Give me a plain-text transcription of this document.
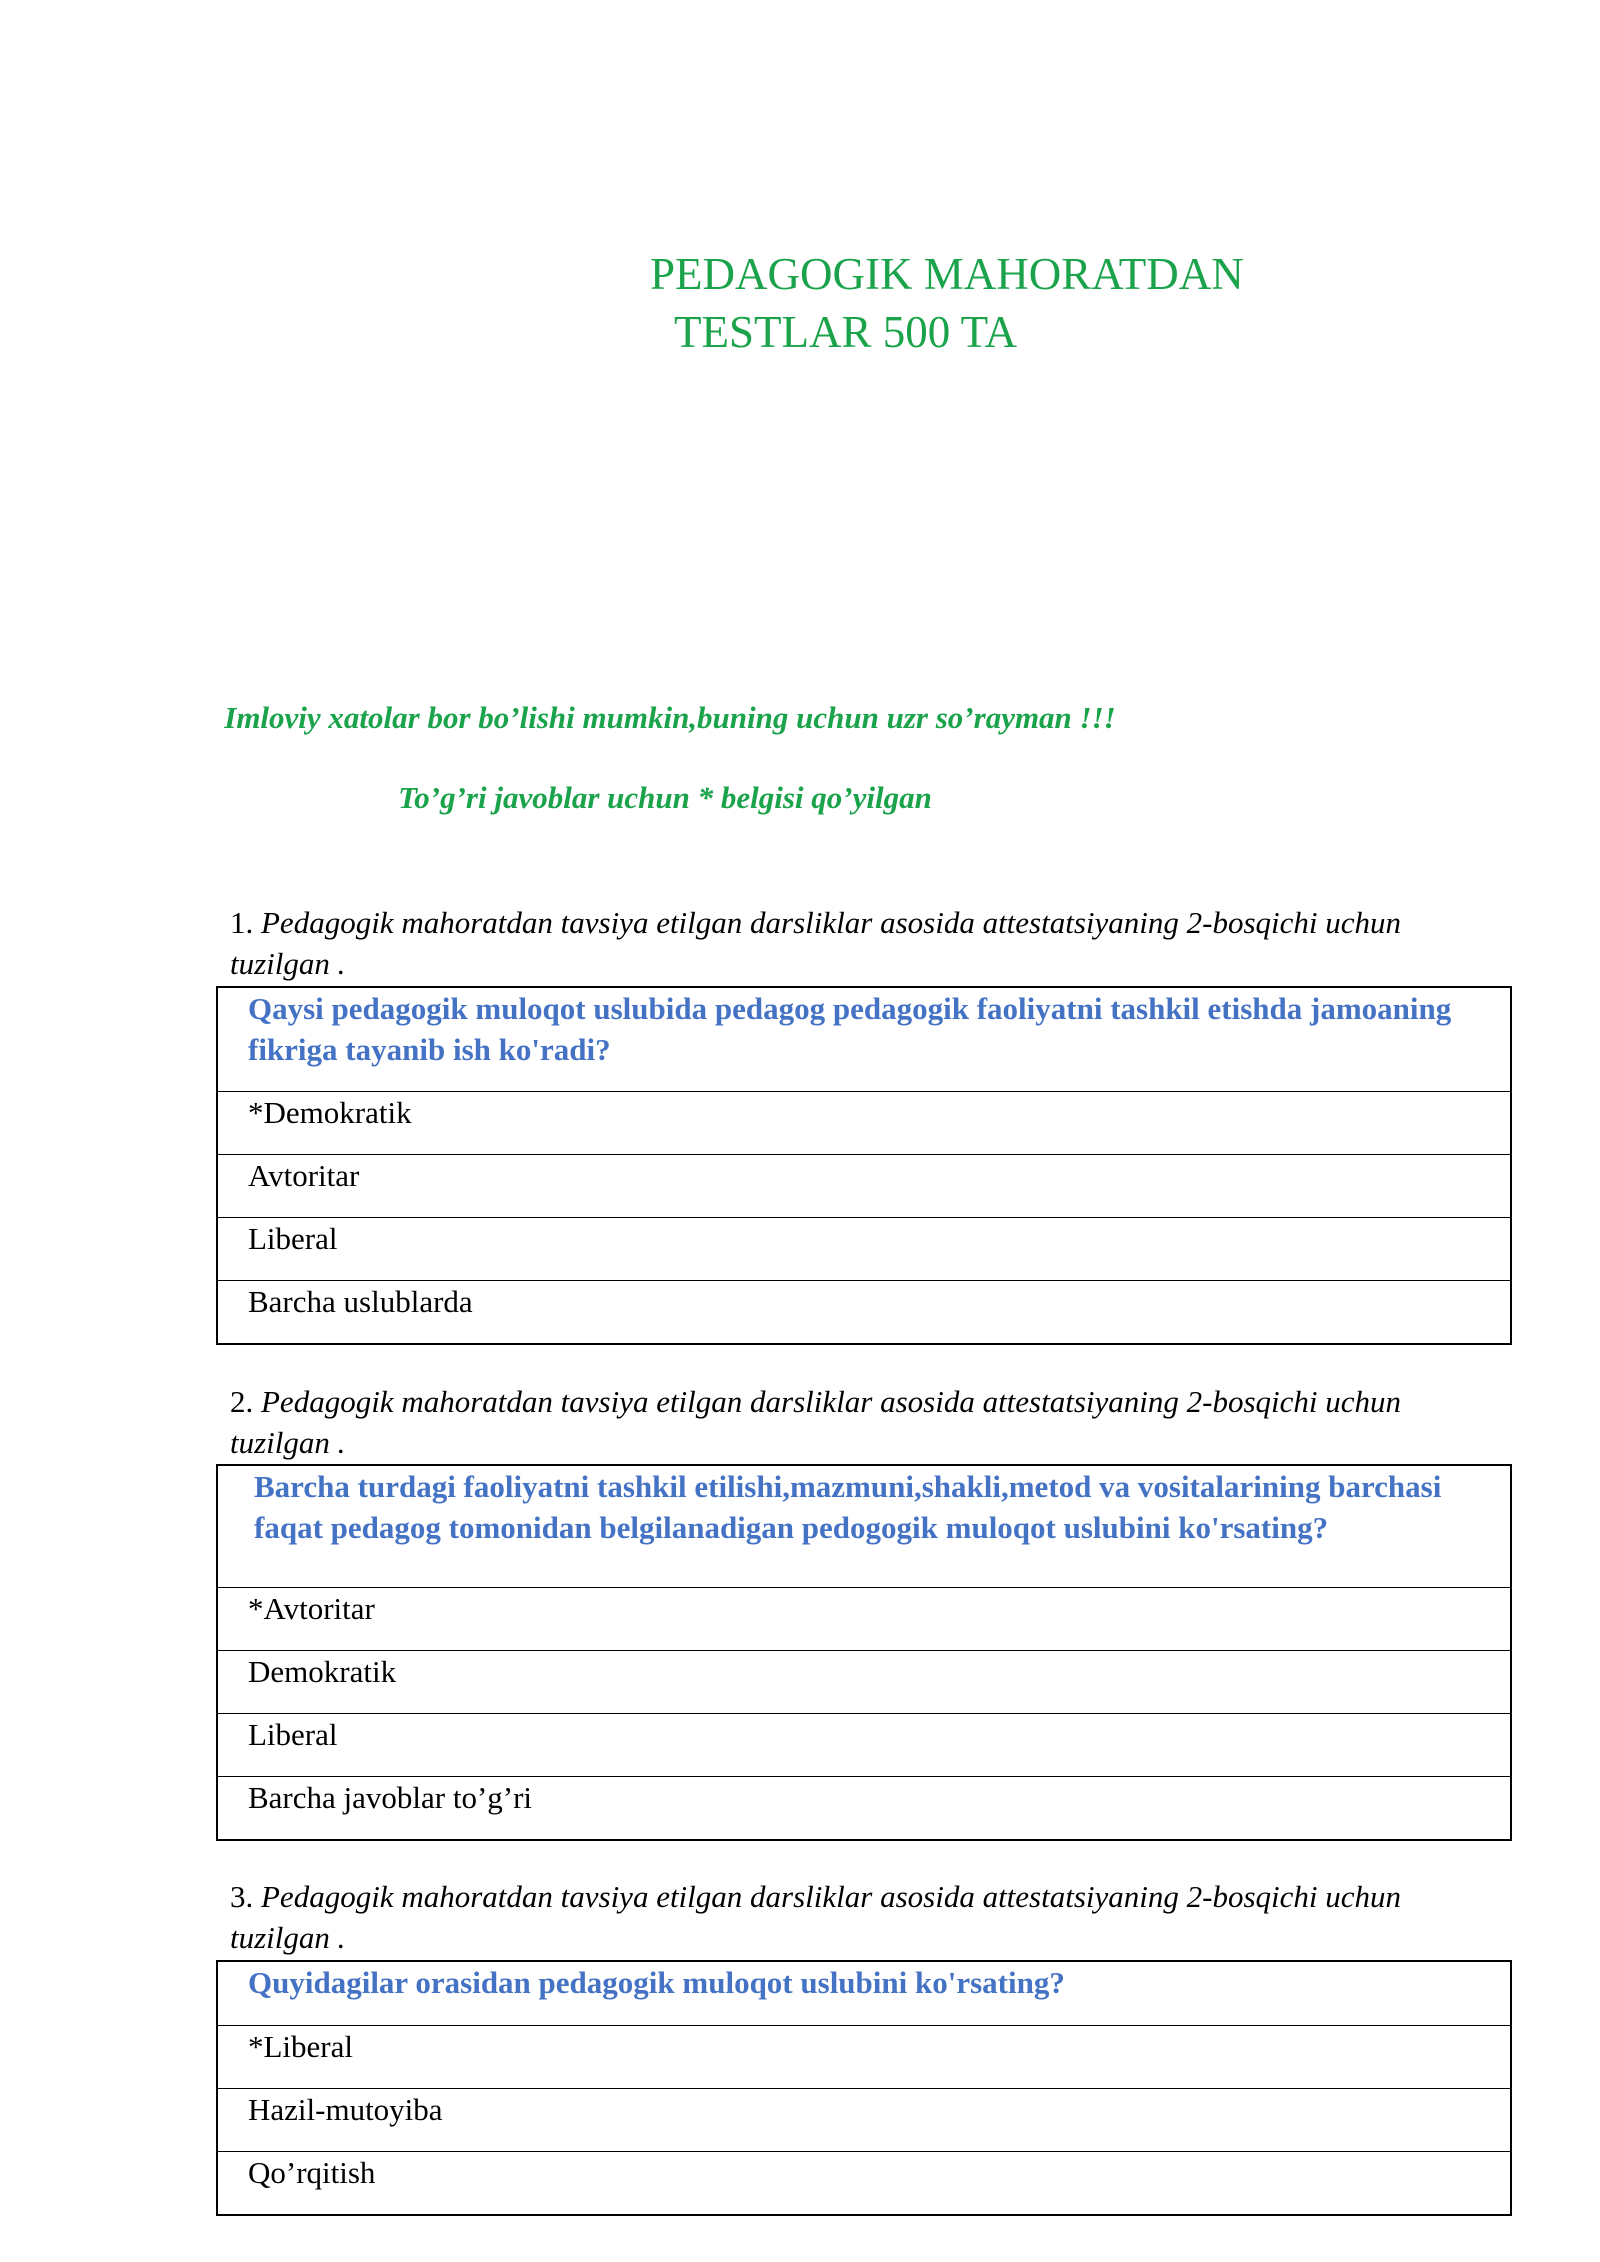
PEDAGOGIK MAHORATDAN
TESTLAR 500 TA
Imloviy xatolar bor bo’lishi mumkin,buning uchun uzr so’rayman !!!
To’g’ri javoblar uchun * belgisi qo’yilgan
1. Pedagogik mahoratdan tavsiya etilgan darsliklar asosida attestatsiyaning 2-bosqichi uchun tuzilgan .
Qaysi pedagogik muloqot uslubida pedagog pedagogik faoliyatni tashkil etishda jamoaning fikriga tayanib ish ko'radi?
*Demokratik
Avtoritar
Liberal
Barcha uslublarda
2. Pedagogik mahoratdan tavsiya etilgan darsliklar asosida attestatsiyaning 2-bosqichi uchun tuzilgan .
Barcha turdagi faoliyatni tashkil etilishi,mazmuni,shakli,metod va vositalarining barchasi faqat pedagog tomonidan belgilanadigan pedogogik muloqot uslubini ko'rsating?
*Avtoritar
Demokratik
Liberal
Barcha javoblar to’g’ri
3. Pedagogik mahoratdan tavsiya etilgan darsliklar asosida attestatsiyaning 2-bosqichi uchun tuzilgan .
Quyidagilar orasidan pedagogik muloqot uslubini ko'rsating?
*Liberal
Hazil-mutoyiba
Qo’rqitish
